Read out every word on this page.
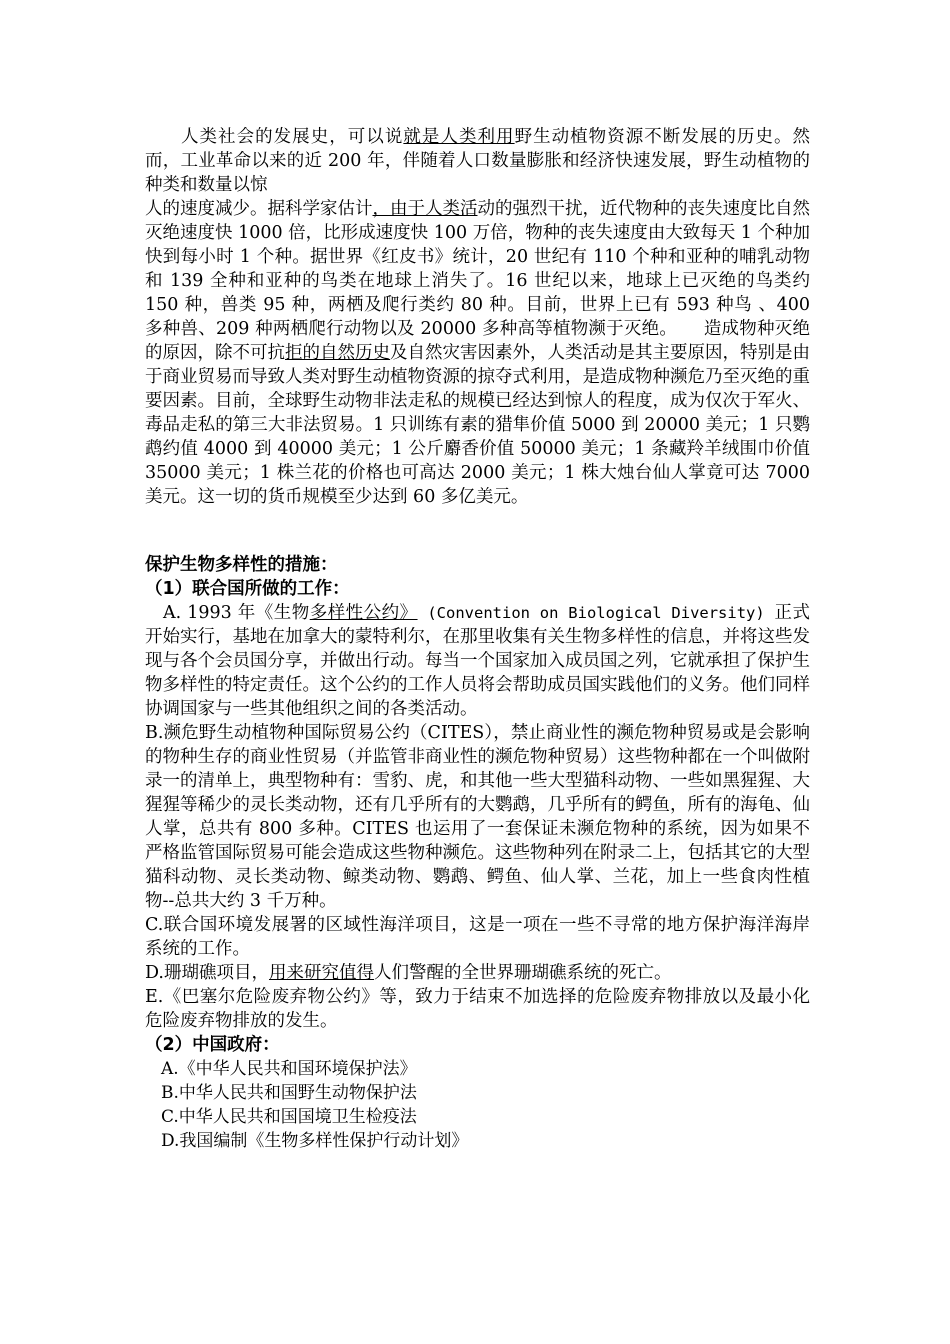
人类社会的发展史，可以说就是人类利用野生动植物资源不断发展的历史。然而，工业革命以来的近 200 年，伴随着人口数量膨胀和经济快速发展，野生动植物的种类和数量以惊

人的速度减少。据科学家估计，由于人类活动的强烈干扰，近代物种的丧失速度比自然灭绝速度快 1000 倍，比形成速度快 100 万倍，物种的丧失速度由大致每天 1 个种加快到每小时 1 个种。据世界《红皮书》统计，20 世纪有 110 个种和亚种的哺乳动物和 139 全种和亚种的鸟类在地球上消失了。16 世纪以来，地球上已灭绝的鸟类约 150 种，兽类 95 种，两栖及爬行类约 80 种。目前，世界上已有 593 种鸟 、400 多种兽、209 种两栖爬行动物以及 20000 多种高等植物濒于灭绝。　　造成物种灭绝的原因，除不可抗拒的自然历史及自然灾害因素外，人类活动是其主要原因，特别是由于商业贸易而导致人类对野生动植物资源的掠夺式利用，是造成物种濒危乃至灭绝的重要因素。目前，全球野生动物非法走私的规模已经达到惊人的程度，成为仅次于军火、毒品走私的第三大非法贸易。1 只训练有素的猎隼价值 5000 到 20000 美元；1 只鹦鹉约值 4000 到 40000 美元；1 公斤麝香价值 50000 美元；1 条藏羚羊绒围巾价值 35000 美元；1 株兰花的价格也可高达 2000 美元；1 株大烛台仙人掌竟可达 7000 美元。这一切的货币规模至少达到 60 多亿美元。

保护生物多样性的措施：

（1）联合国所做的工作：

　A. 1993 年《生物多样性公约》 (Convention on Biological Diversity) 正式开始实行，基地在加拿大的蒙特利尔，在那里收集有关生物多样性的信息，并将这些发现与各个会员国分享，并做出行动。每当一个国家加入成员国之列，它就承担了保护生物多样性的特定责任。这个公约的工作人员将会帮助成员国实践他们的义务。他们同样协调国家与一些其他组织之间的各类活动。

B.濒危野生动植物种国际贸易公约（CITES），禁止商业性的濒危物种贸易或是会影响的物种生存的商业性贸易（并监管非商业性的濒危物种贸易）这些物种都在一个叫做附录一的清单上，典型物种有：雪豹、虎，和其他一些大型猫科动物、一些如黑猩猩、大猩猩等稀少的灵长类动物，还有几乎所有的大鹦鹉，几乎所有的鳄鱼，所有的海龟、仙人掌，总共有 800 多种。CITES 也运用了一套保证未濒危物种的系统，因为如果不严格监管国际贸易可能会造成这些物种濒危。这些物种列在附录二上，包括其它的大型猫科动物、灵长类动物、鲸类动物、鹦鹉、鳄鱼、仙人掌、兰花，加上一些食肉性植物--总共大约 3 千万种。

C.联合国环境发展署的区域性海洋项目，这是一项在一些不寻常的地方保护海洋海岸系统的工作。

D.珊瑚礁项目，用来研究值得人们警醒的全世界珊瑚礁系统的死亡。

E.《巴塞尔危险废弃物公约》等，致力于结束不加选择的危险废弃物排放以及最小化危险废弃物排放的发生。

（2）中国政府：

A.《中华人民共和国环境保护法》

B.中华人民共和国野生动物保护法

C.中华人民共和国国境卫生检疫法

D.我国编制《生物多样性保护行动计划》
